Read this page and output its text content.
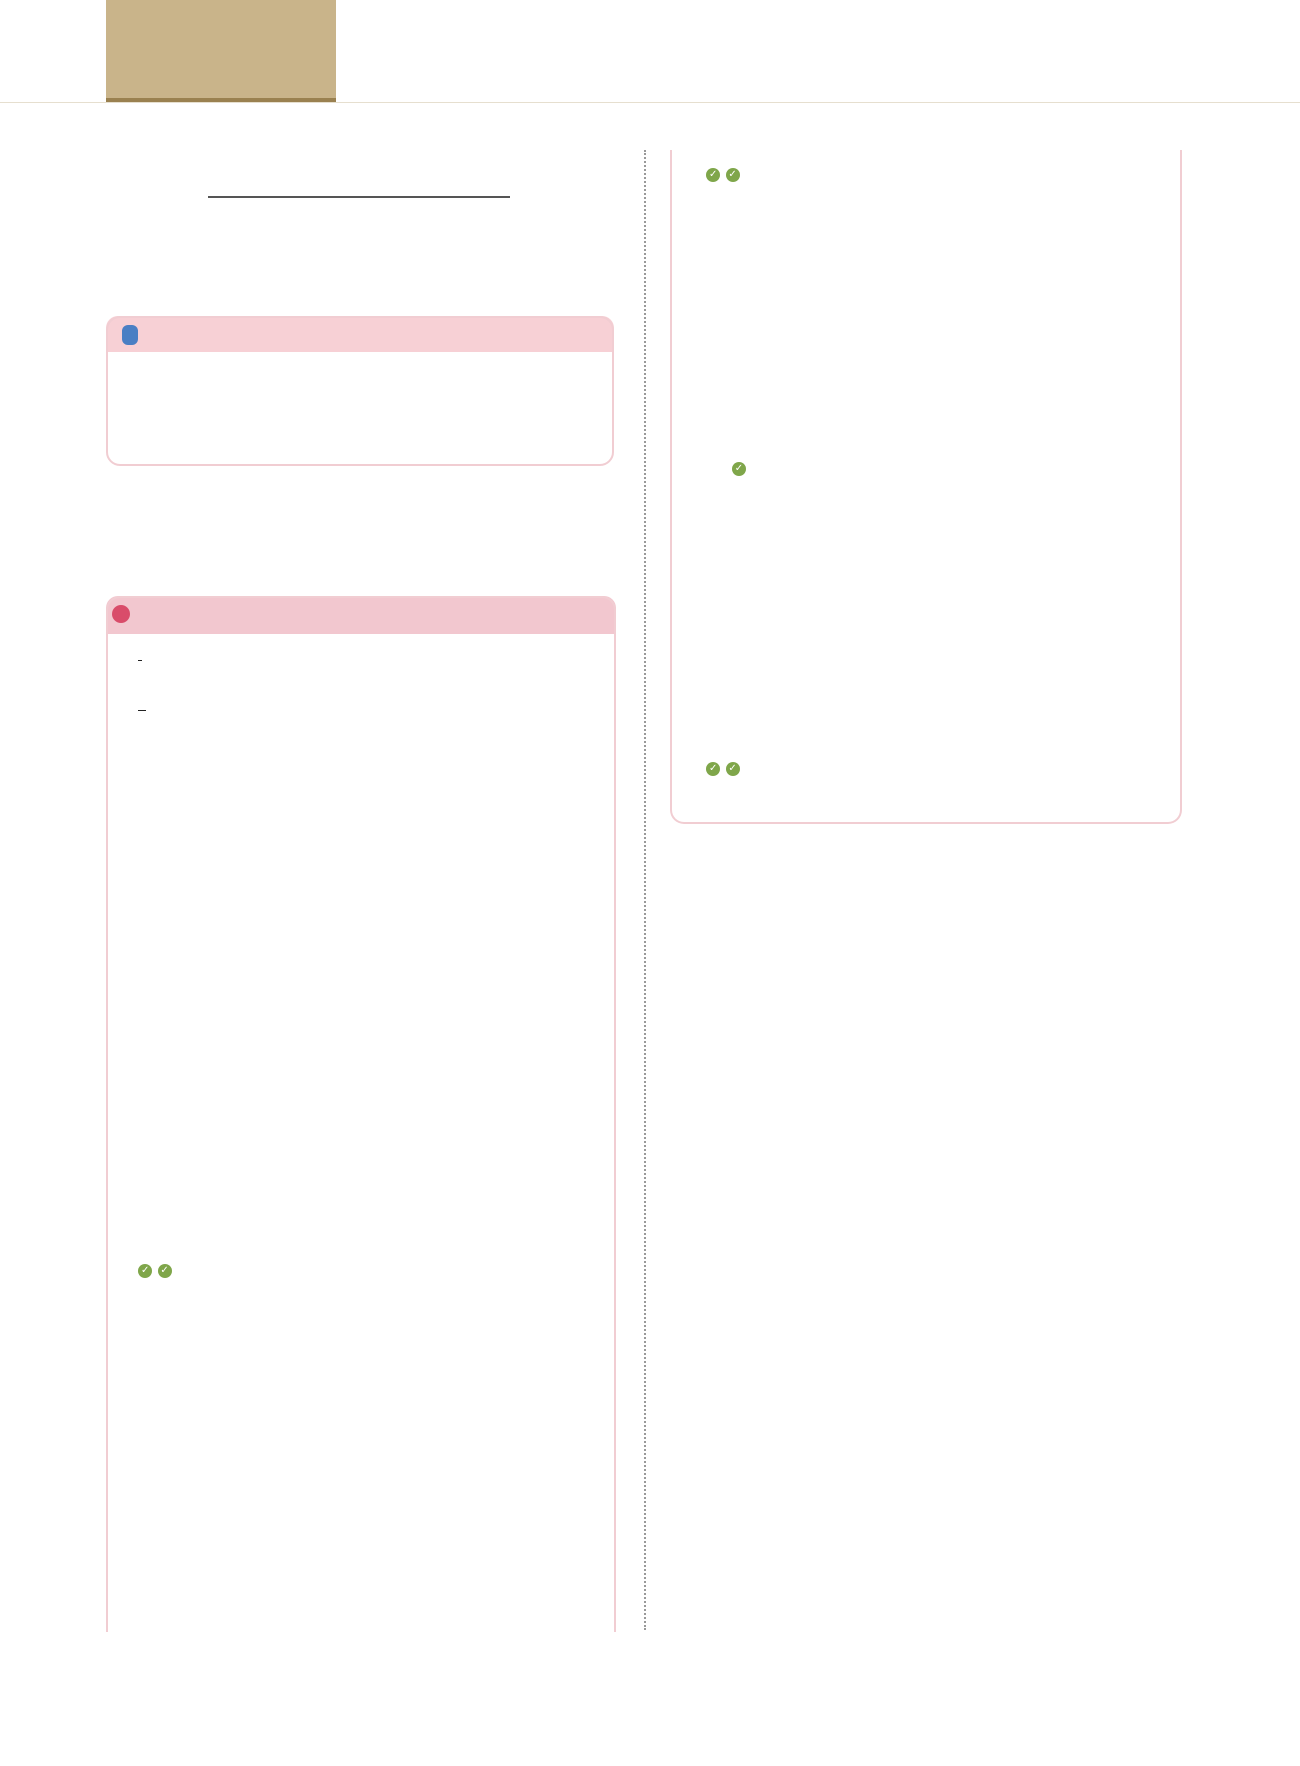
✓ ✓

✓ ✓

✓

✓ ✓
